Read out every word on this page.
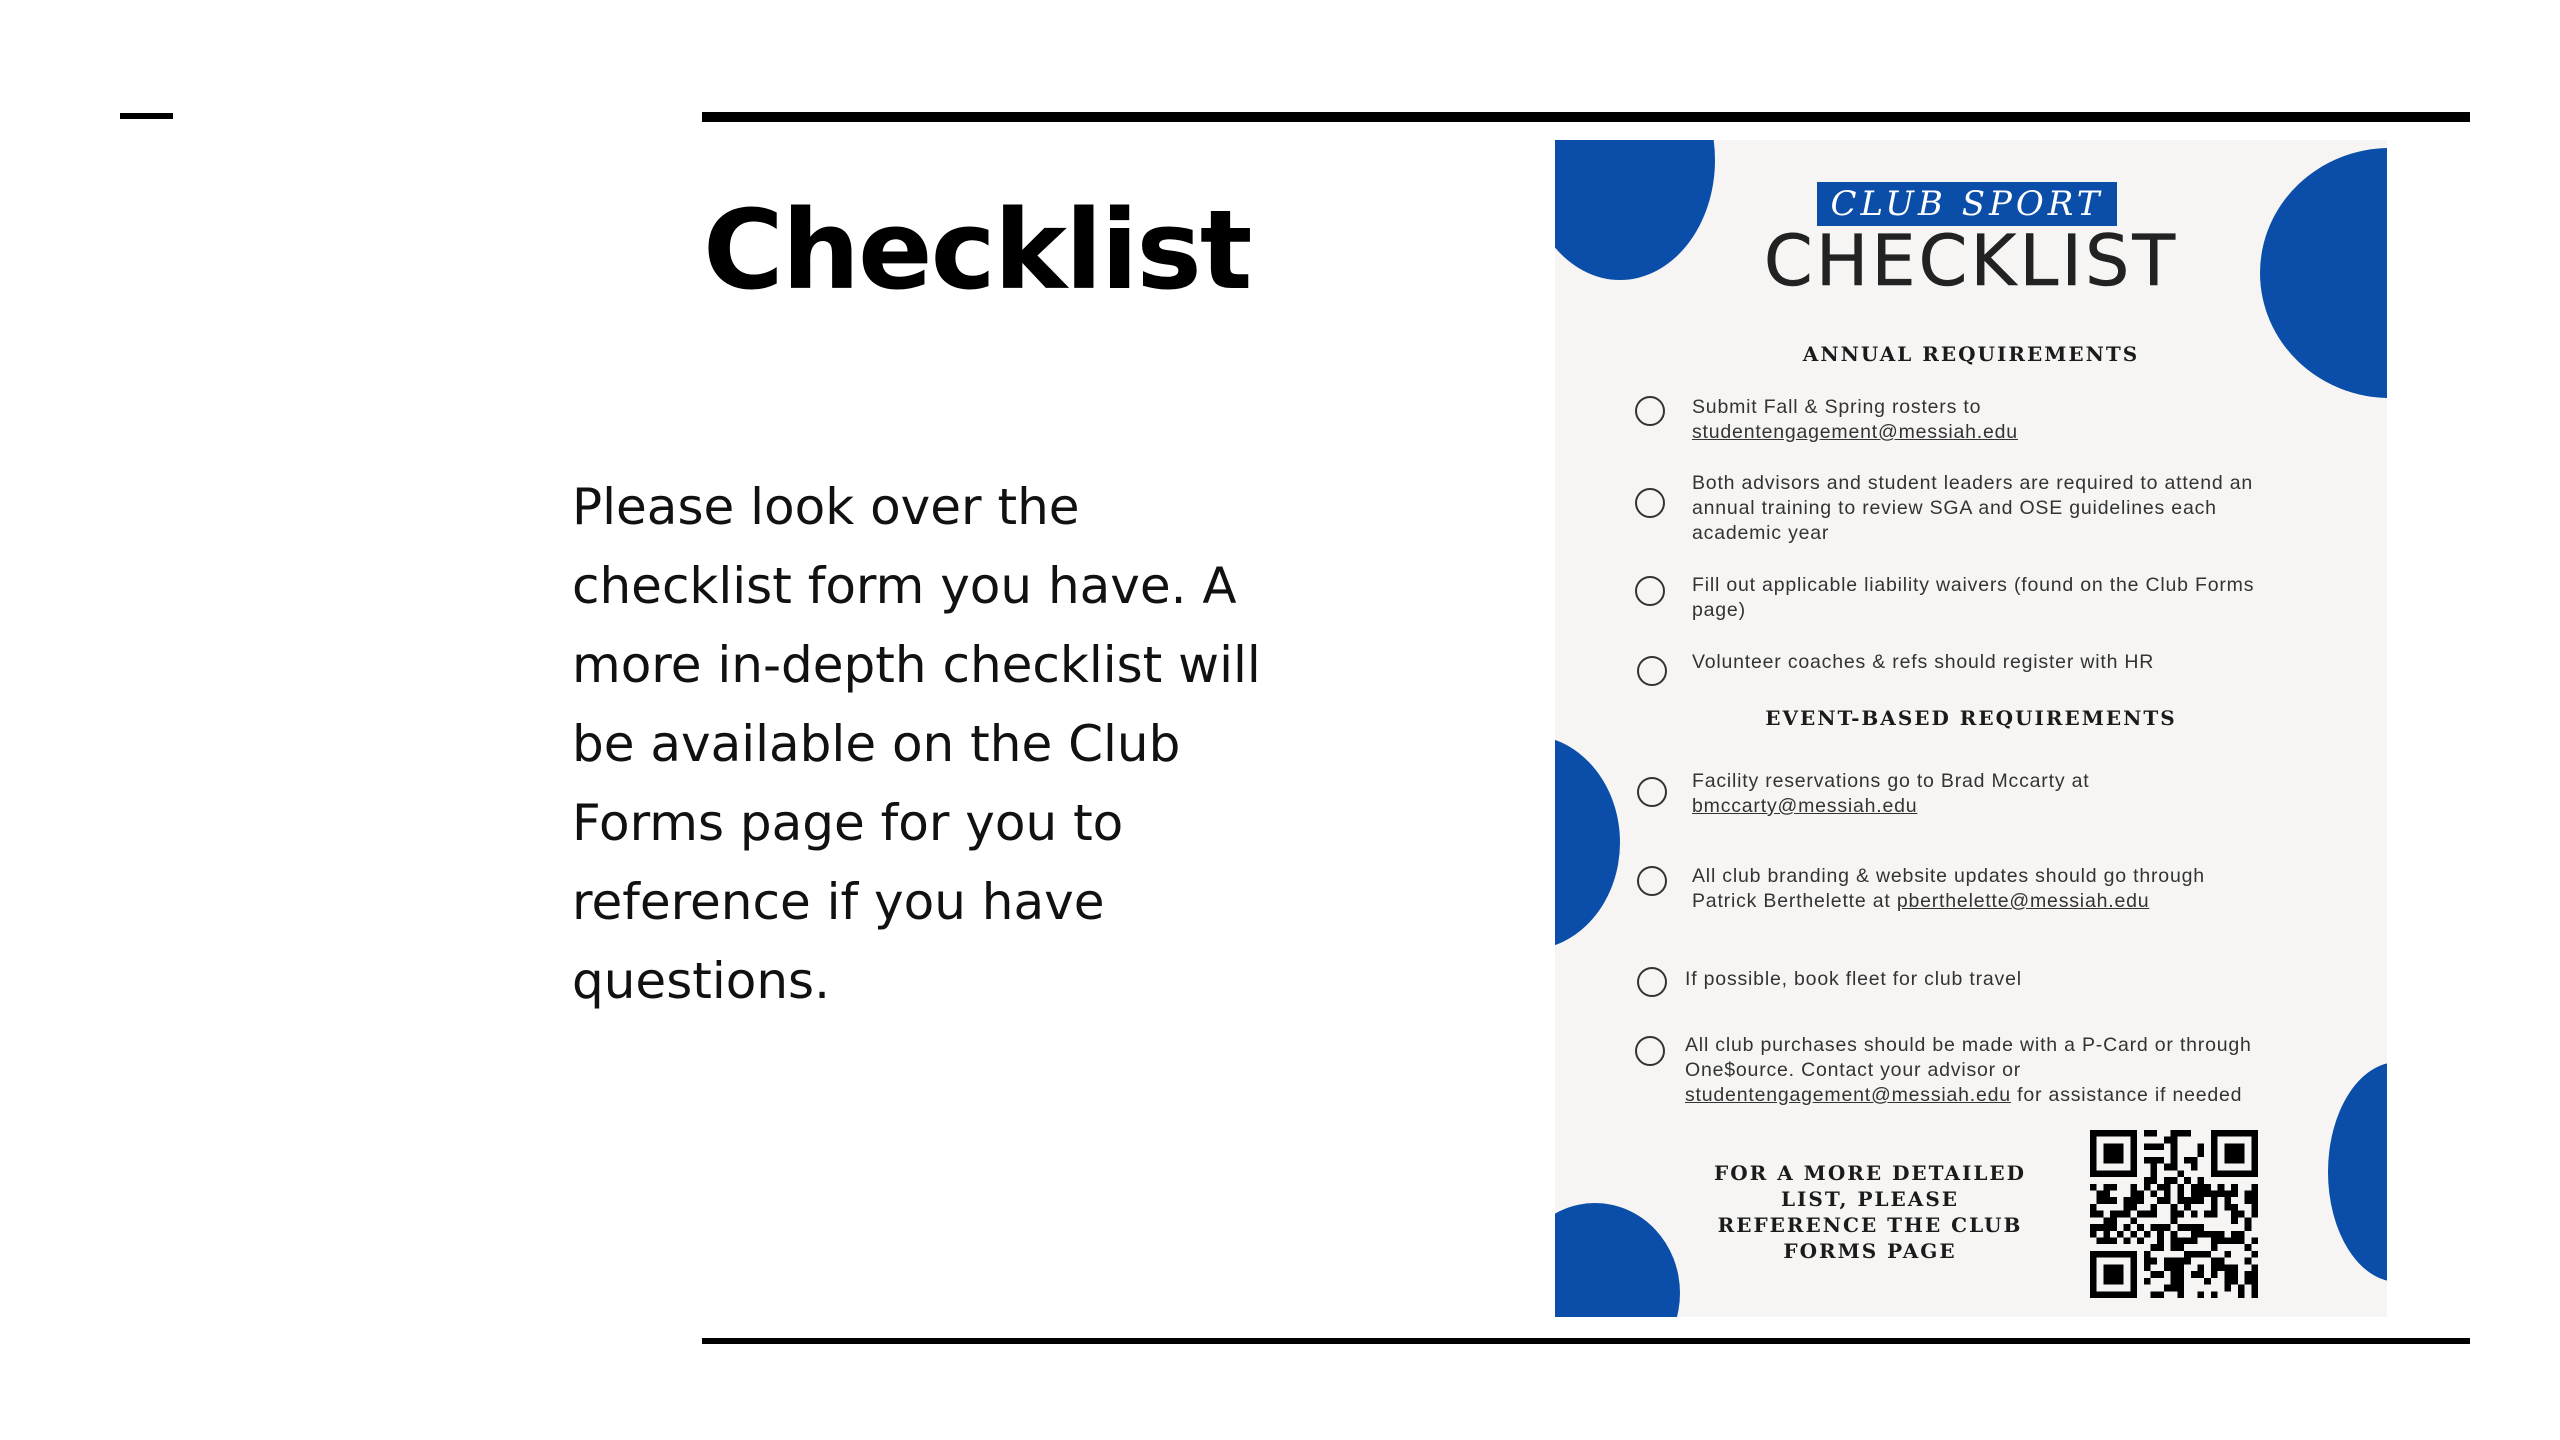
Checklist

Please look over the checklist form you have. A more in-depth checklist will be available on the Club Forms page for you to reference if you have questions.

CLUB SPORT
CHECKLIST
ANNUAL REQUIREMENTS
EVENT-BASED REQUIREMENTS
Submit Fall & Spring rosters to studentengagement@messiah.edu
Both advisors and student leaders are required to attend an annual training to review SGA and OSE guidelines each academic year
Fill out applicable liability waivers (found on the Club Forms page)
Volunteer coaches & refs should register with HR
Facility reservations go to Brad Mccarty at bmccarty@messiah.edu
All club branding & website updates should go through Patrick Berthelette at pberthelette@messiah.edu
If possible, book fleet for club travel
All club purchases should be made with a P-Card or through One$ource. Contact your advisor or studentengagement@messiah.edu for assistance if needed
FOR A MORE DETAILED LIST, PLEASE REFERENCE THE CLUB FORMS PAGE
